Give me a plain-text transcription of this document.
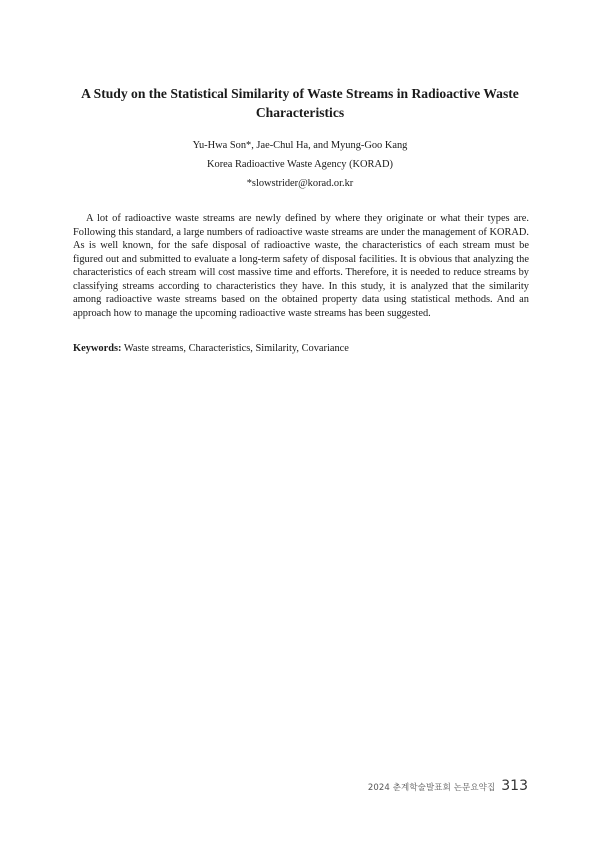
A Study on the Statistical Similarity of Waste Streams in Radioactive Waste Characteristics

Yu-Hwa Son*, Jae-Chul Ha, and Myung-Goo Kang

Korea Radioactive Waste Agency (KORAD)

*slowstrider@korad.or.kr

A lot of radioactive waste streams are newly defined by where they originate or what their types are. Following this standard, a large numbers of radioactive waste streams are under the management of KORAD. As is well known, for the safe disposal of radioactive waste, the characteristics of each stream must be figured out and submitted to evaluate a long-term safety of disposal facilities. It is obvious that analyzing the characteristics of each stream will cost massive time and efforts. Therefore, it is needed to reduce streams by classifying streams according to characteristics they have. In this study, it is analyzed that the similarity among radioactive waste streams based on the obtained property data using statistical methods. And an approach how to manage the upcoming radioactive waste streams has been suggested.

Keywords: Waste streams, Characteristics, Similarity, Covariance

2024 춘계학술발표회 논문요약집 313
